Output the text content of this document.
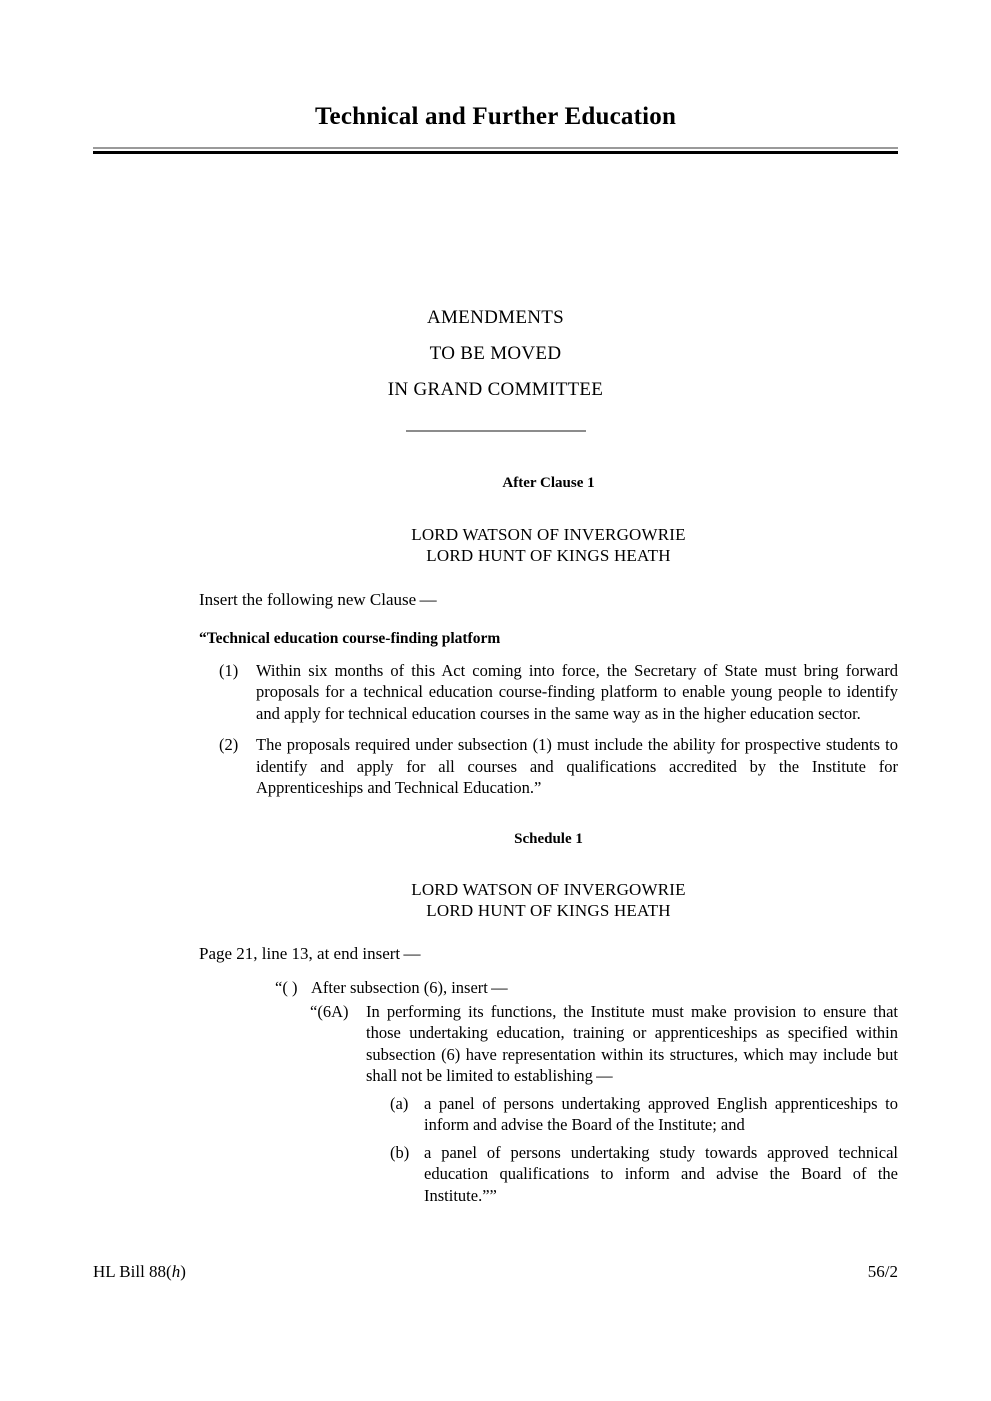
Technical and Further Education
AMENDMENTS
TO BE MOVED
IN GRAND COMMITTEE
After Clause 1
LORD WATSON OF INVERGOWRIE
LORD HUNT OF KINGS HEATH
Insert the following new Clause —
“Technical education course-finding platform
(1)	Within six months of this Act coming into force, the Secretary of State must bring forward proposals for a technical education course-finding platform to enable young people to identify and apply for technical education courses in the same way as in the higher education sector.
(2)	The proposals required under subsection (1) must include the ability for prospective students to identify and apply for all courses and qualifications accredited by the Institute for Apprenticeships and Technical Education.”
Schedule 1
LORD WATSON OF INVERGOWRIE
LORD HUNT OF KINGS HEATH
Page 21, line 13, at end insert —
“( ) After subsection (6), insert —
“(6A)	In performing its functions, the Institute must make provision to ensure that those undertaking education, training or apprenticeships as specified within subsection (6) have representation within its structures, which may include but shall not be limited to establishing —
(a) a panel of persons undertaking approved English apprenticeships to inform and advise the Board of the Institute; and
(b) a panel of persons undertaking study towards approved technical education qualifications to inform and advise the Board of the Institute.””
HL Bill 88(h)	56/2
